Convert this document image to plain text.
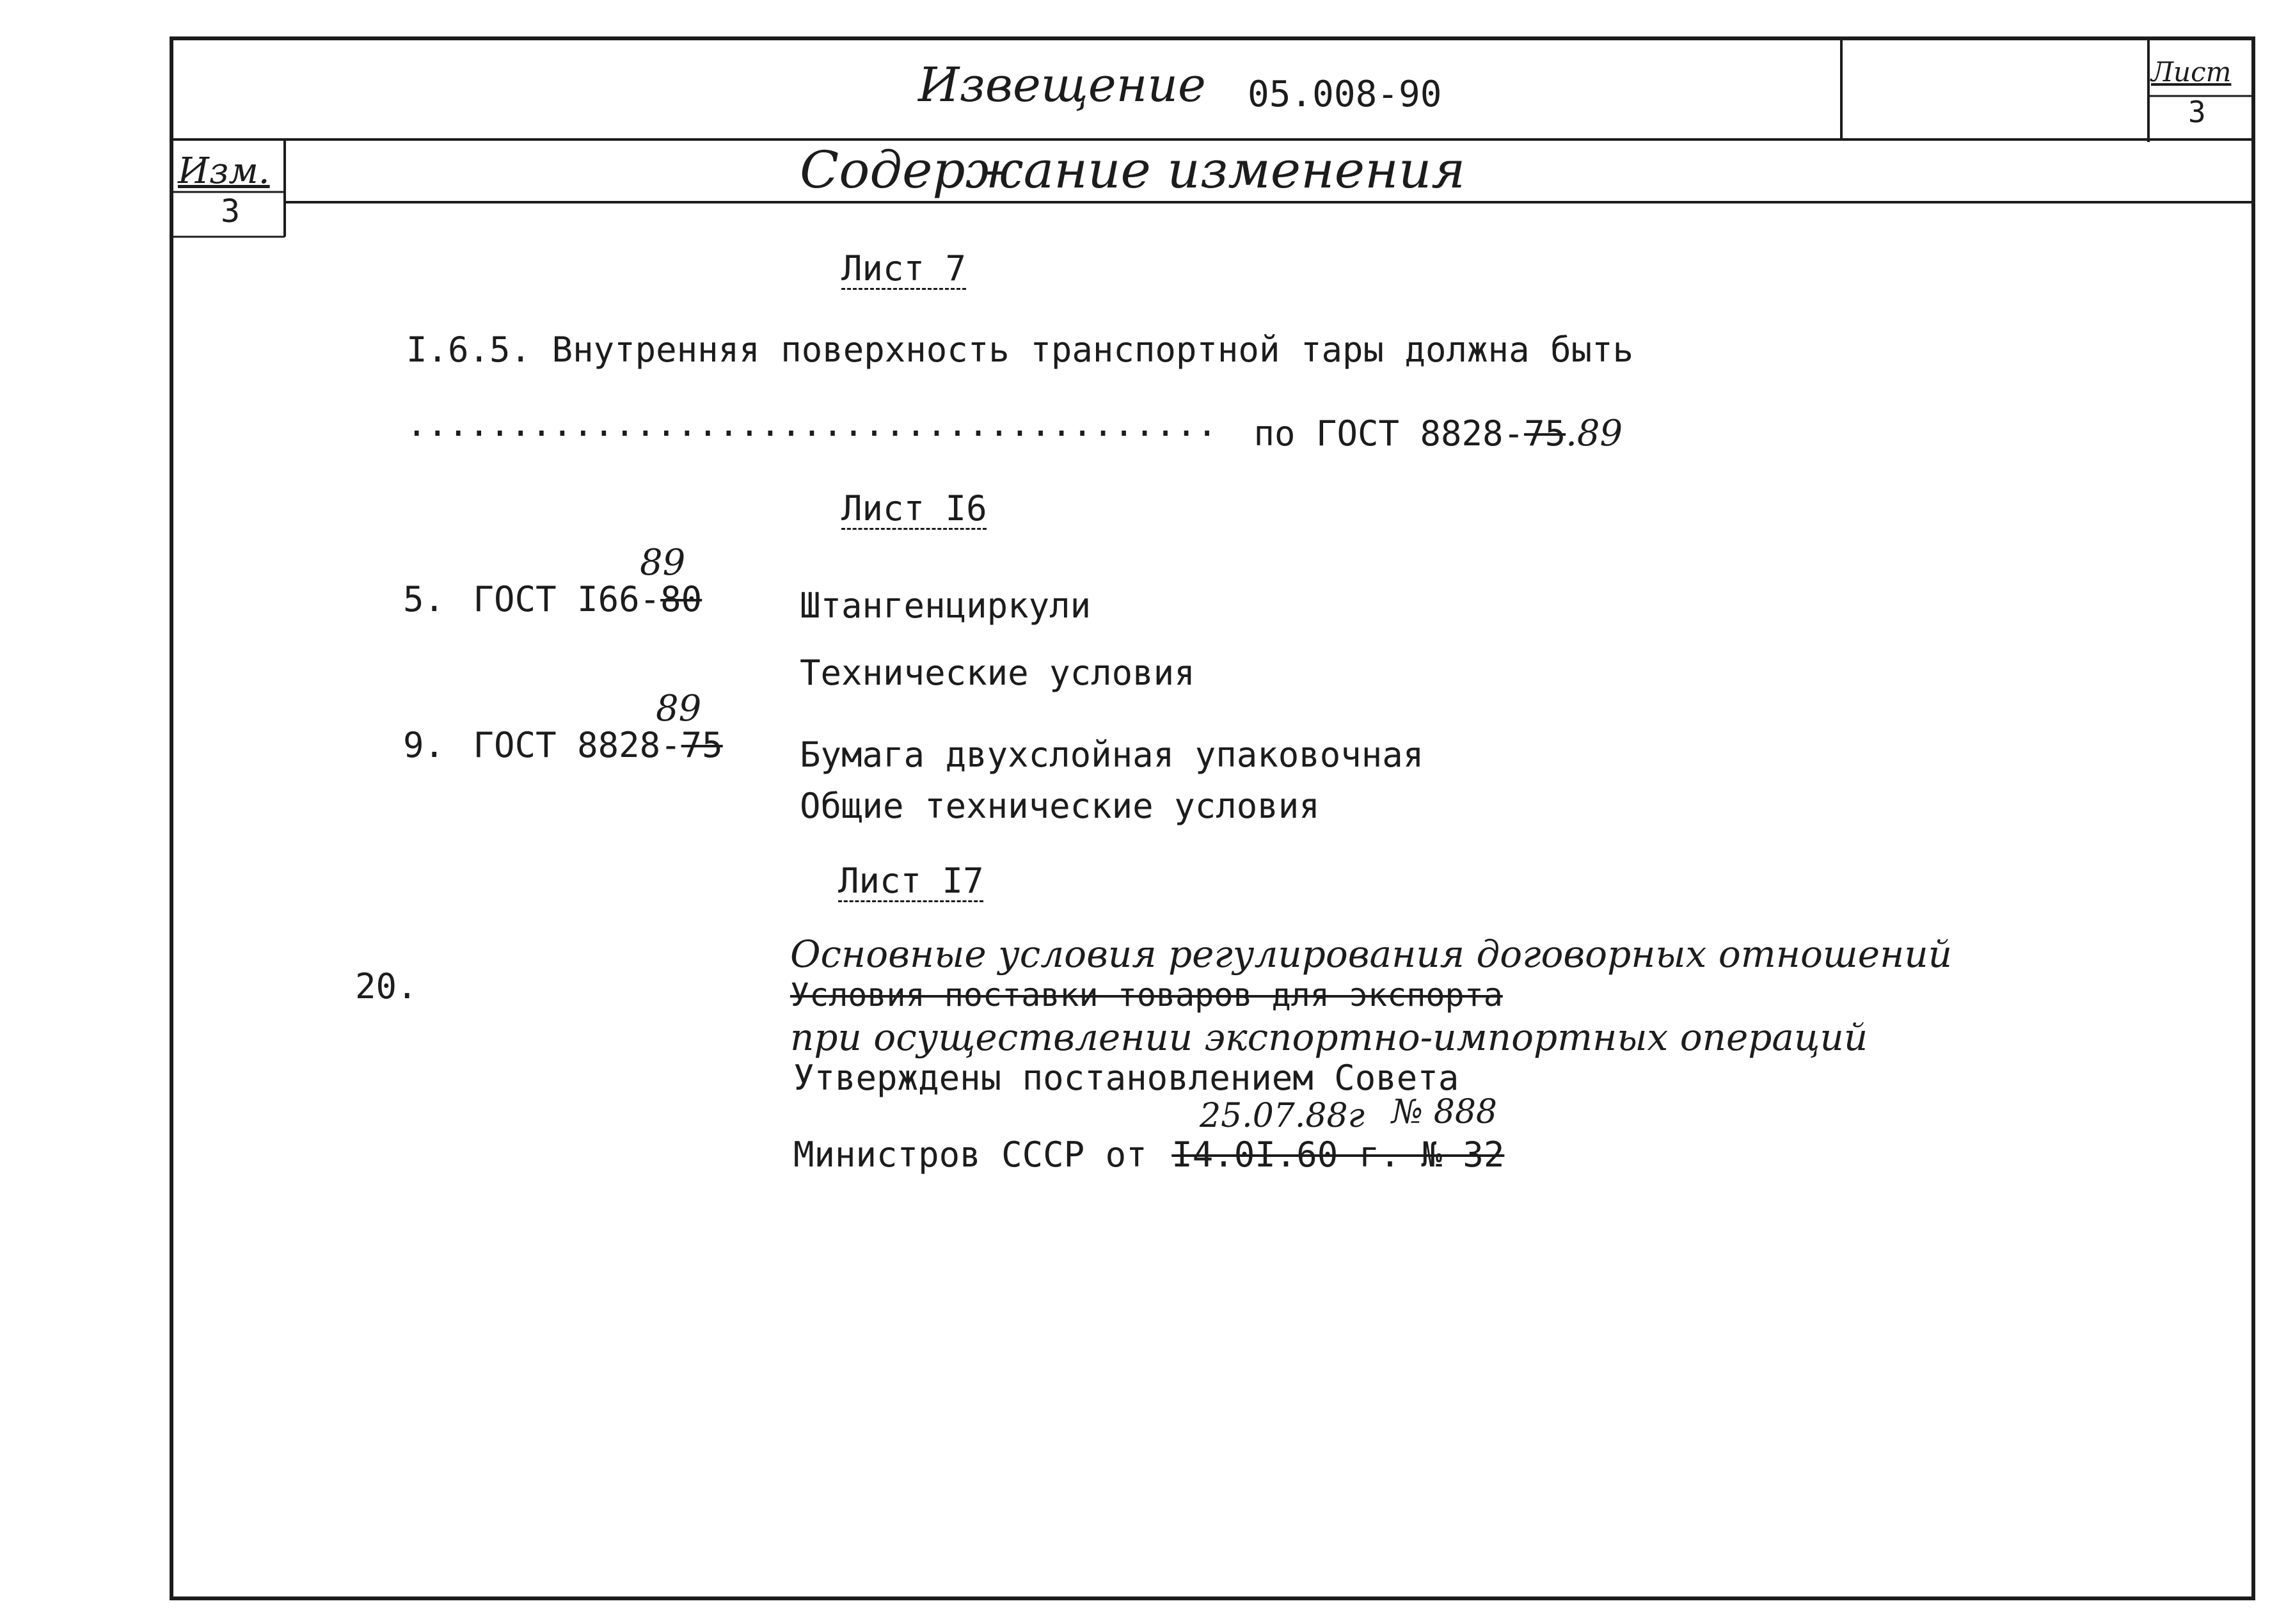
Извещение 05.008-90
Лист
3
Изм.
3
Содержание изменения
Лист 7
I.6.5. Внутренняя поверхность транспортной тары должна быть
······································· по ГОСТ 8828-75.89
Лист I6
89
5. ГОСТ I66-80	Штангенциркули
Технические условия
89
9. ГОСТ 8828-75 Бумага двухслойная упаковочная
Общие технические условия
Лист I7
20.
Основные условия регулирования договорных отношений
Условия поставки товаров для экспорта
при осуществлении экспортно-импортных операций
Утверждены постановлением Совета
25.07.88г № 888
Министров СССР от I4.0I.60 г. № 32
